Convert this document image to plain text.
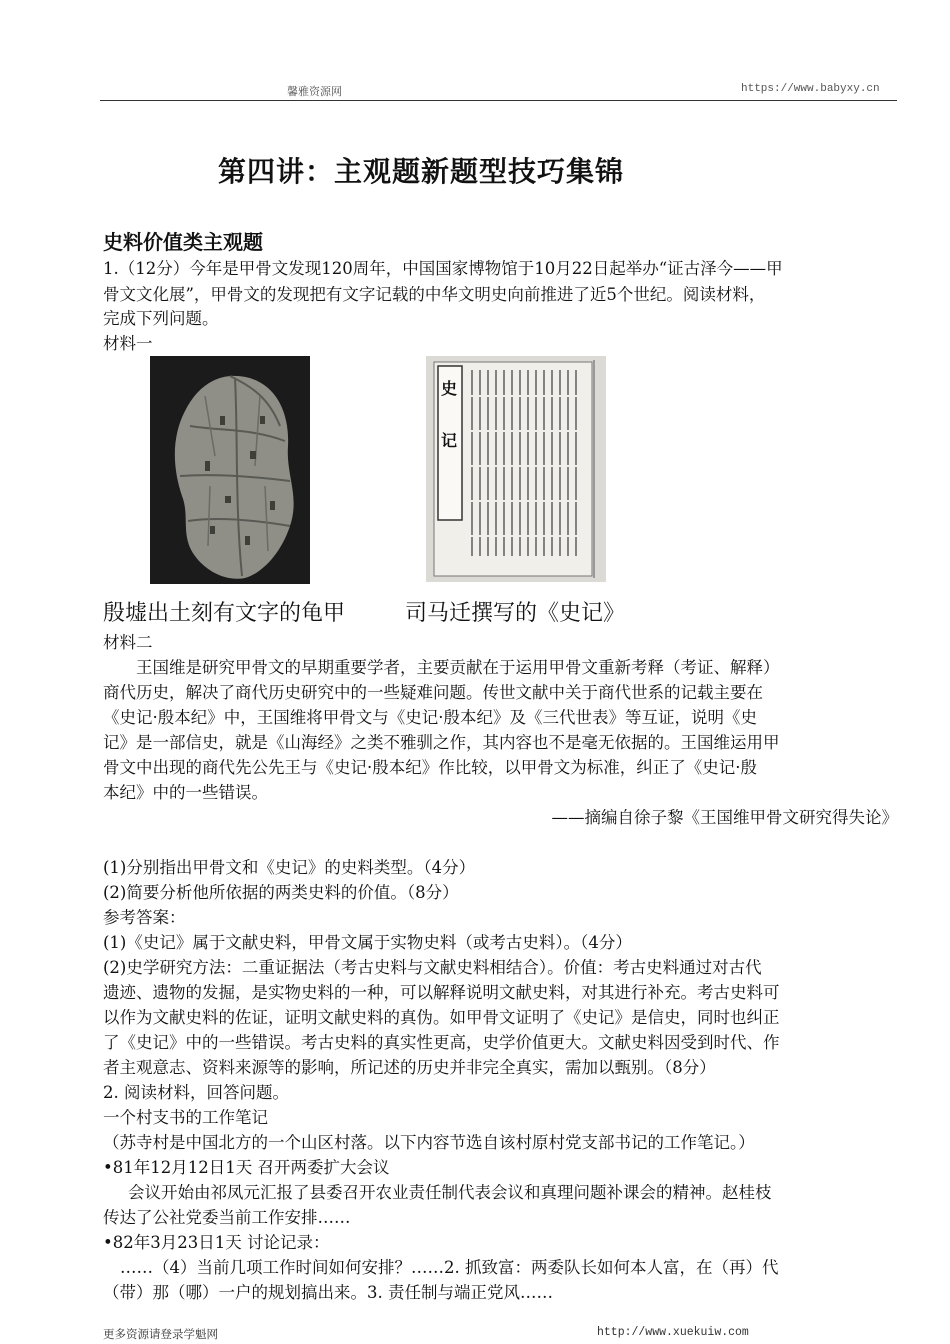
馨雅资源网	https://www.babyxy.cn
第四讲：主观题新题型技巧集锦
史料价值类主观题
1.（12分）今年是甲骨文发现120周年，中国国家博物馆于10月22日起举办“证古泽今——甲
骨文文化展”，甲骨文的发现把有文字记载的中华文明史向前推进了近5个世纪。阅读材料，
完成下列问题。
材料一
史
记
殷墟出土刻有文字的龟甲	司马迁撰写的《史记》
材料二
王国维是研究甲骨文的早期重要学者，主要贡献在于运用甲骨文重新考释（考证、解释）
商代历史，解决了商代历史研究中的一些疑难问题。传世文献中关于商代世系的记载主要在
《史记·殷本纪》中，王国维将甲骨文与《史记·殷本纪》及《三代世表》等互证，说明《史
记》是一部信史，就是《山海经》之类不雅驯之作，其内容也不是毫无依据的。王国维运用甲
骨文中出现的商代先公先王与《史记·殷本纪》作比较，以甲骨文为标准，纠正了《史记·殷
本纪》中的一些错误。
——摘编自徐子黎《王国维甲骨文研究得失论》
(1)分别指出甲骨文和《史记》的史料类型。（4分）
(2)简要分析他所依据的两类史料的价值。（8分）
参考答案：
(1)《史记》属于文献史料，甲骨文属于实物史料（或考古史料）。（4分）
(2)史学研究方法：二重证据法（考古史料与文献史料相结合）。价值：考古史料通过对古代
遗迹、遗物的发掘，是实物史料的一种，可以解释说明文献史料，对其进行补充。考古史料可
以作为文献史料的佐证，证明文献史料的真伪。如甲骨文证明了《史记》是信史，同时也纠正
了《史记》中的一些错误。考古史料的真实性更高，史学价值更大。文献史料因受到时代、作
者主观意志、资料来源等的影响，所记述的历史并非完全真实，需加以甄别。（8分）
2. 阅读材料，回答问题。
一个村支书的工作笔记
（苏寺村是中国北方的一个山区村落。以下内容节选自该村原村党支部书记的工作笔记。）
•81年12月12日1天 召开两委扩大会议
会议开始由祁凤元汇报了县委召开农业责任制代表会议和真理问题补课会的精神。赵桂枝
传达了公社党委当前工作安排……
•82年3月23日1天 讨论记录：
……（4）当前几项工作时间如何安排？……2. 抓致富：两委队长如何本人富，在（再）代
（带）那（哪）一户的规划搞出来。3. 责任制与端正党风……
更多资源请登录学魁网	http://www.xuekuiw.com
